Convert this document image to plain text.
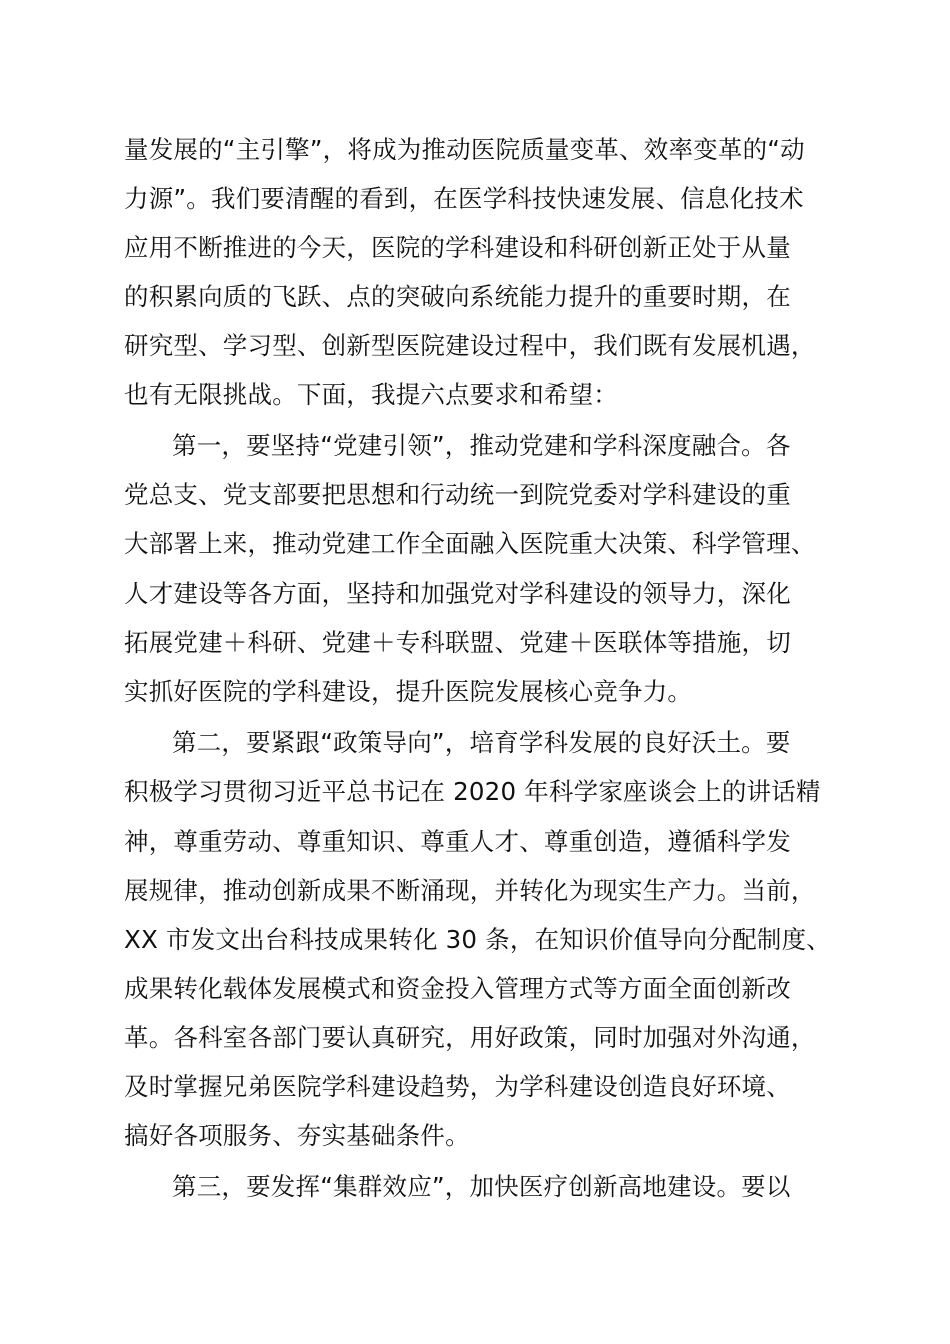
量发展的“主引擎”，将成为推动医院质量变革、效率变革的“动
力源”。我们要清醒的看到，在医学科技快速发展、信息化技术
应用不断推进的今天，医院的学科建设和科研创新正处于从量
的积累向质的飞跃、点的突破向系统能力提升的重要时期，在
研究型、学习型、创新型医院建设过程中，我们既有发展机遇，
也有无限挑战。下面，我提六点要求和希望：
第一，要坚持“党建引领”，推动党建和学科深度融合。各
党总支、党支部要把思想和行动统一到院党委对学科建设的重
大部署上来，推动党建工作全面融入医院重大决策、科学管理、
人才建设等各方面，坚持和加强党对学科建设的领导力，深化
拓展党建＋科研、党建＋专科联盟、党建＋医联体等措施，切
实抓好医院的学科建设，提升医院发展核心竞争力。
第二，要紧跟“政策导向”，培育学科发展的良好沃土。要
积极学习贯彻习近平总书记在 2020 年科学家座谈会上的讲话精
神，尊重劳动、尊重知识、尊重人才、尊重创造，遵循科学发
展规律，推动创新成果不断涌现，并转化为现实生产力。当前，
XX 市发文出台科技成果转化 30 条，在知识价值导向分配制度、
成果转化载体发展模式和资金投入管理方式等方面全面创新改
革。各科室各部门要认真研究，用好政策，同时加强对外沟通，
及时掌握兄弟医院学科建设趋势，为学科建设创造良好环境、
搞好各项服务、夯实基础条件。
第三，要发挥“集群效应”，加快医疗创新高地建设。要以
